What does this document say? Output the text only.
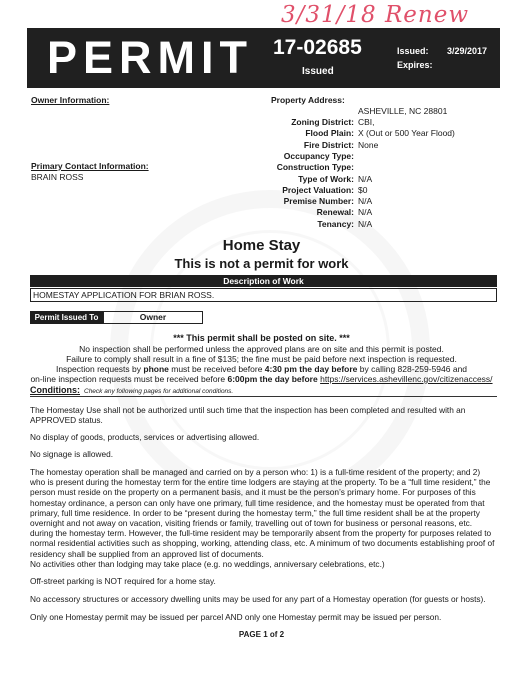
3/31/18 Renew
PERMIT 17-02685
Issued
Issued: 3/29/2017
Expires:
Owner Information:
Primary Contact Information:
BRAIN ROSS
Property Address:
ASHEVILLE, NC 28801
Zoning District: CBI,
Flood Plain: X (Out or 500 Year Flood)
Fire District: None
Occupancy Type:
Construction Type:
Type of Work: N/A
Project Valuation: $0
Premise Number: N/A
Renewal: N/A
Tenancy: N/A
Home Stay
This is not a permit for work
Description of Work
HOMESTAY APPLICATION FOR BRIAN ROSS.
Permit Issued To	Owner
*** This permit shall be posted on site. ***
No inspection shall be performed unless the approved plans are on site and this permit is posted.
Failure to comply shall result in a fine of $135; the fine must be paid before next inspection is requested.
Inspection requests by phone must be received before 4:30 pm the day before by calling 828-259-5946 and
on-line inspection requests must be received before 6:00pm the day before https://services.ashevillenc.gov/citizenaccess/
Conditions: Check any following pages for additional conditions.
The Homestay Use shall not be authorized until such time that the inspection has been completed and resulted with an APPROVED status.
No display of goods, products, services or advertising allowed.
No signage is allowed.
The homestay operation shall be managed and carried on by a person who: 1) is a full-time resident of the property; and 2) who is present during the homestay term for the entire time lodgers are staying at the property. To be a “full time resident,” the person must reside on the property on a permanent basis, and it must be the person’s primary home. For purposes of this homestay ordinance, a person can only have one primary, full time residence, and the homestay must be operated from that primary, full time residence. In order to be “present during the homestay term,” the full time resident shall be at the property overnight and not away on vacation, visiting friends or family, travelling out of town for business or personal reasons, etc. during the homestay term. However, the full-time resident may be temporarily absent from the property for purposes related to normal residential activities such as shopping, working, attending class, etc. A minimum of two documents establishing proof of residency shall be supplied from an approved list of documents.
No activities other than lodging may take place (e.g. no weddings, anniversary celebrations, etc.)
Off-street parking is NOT required for a home stay.
No accessory structures or accessory dwelling units may be used for any part of a Homestay operation (for guests or hosts).
Only one Homestay permit may be issued per parcel AND only one Homestay permit may be issued per person.
PAGE 1 of 2
